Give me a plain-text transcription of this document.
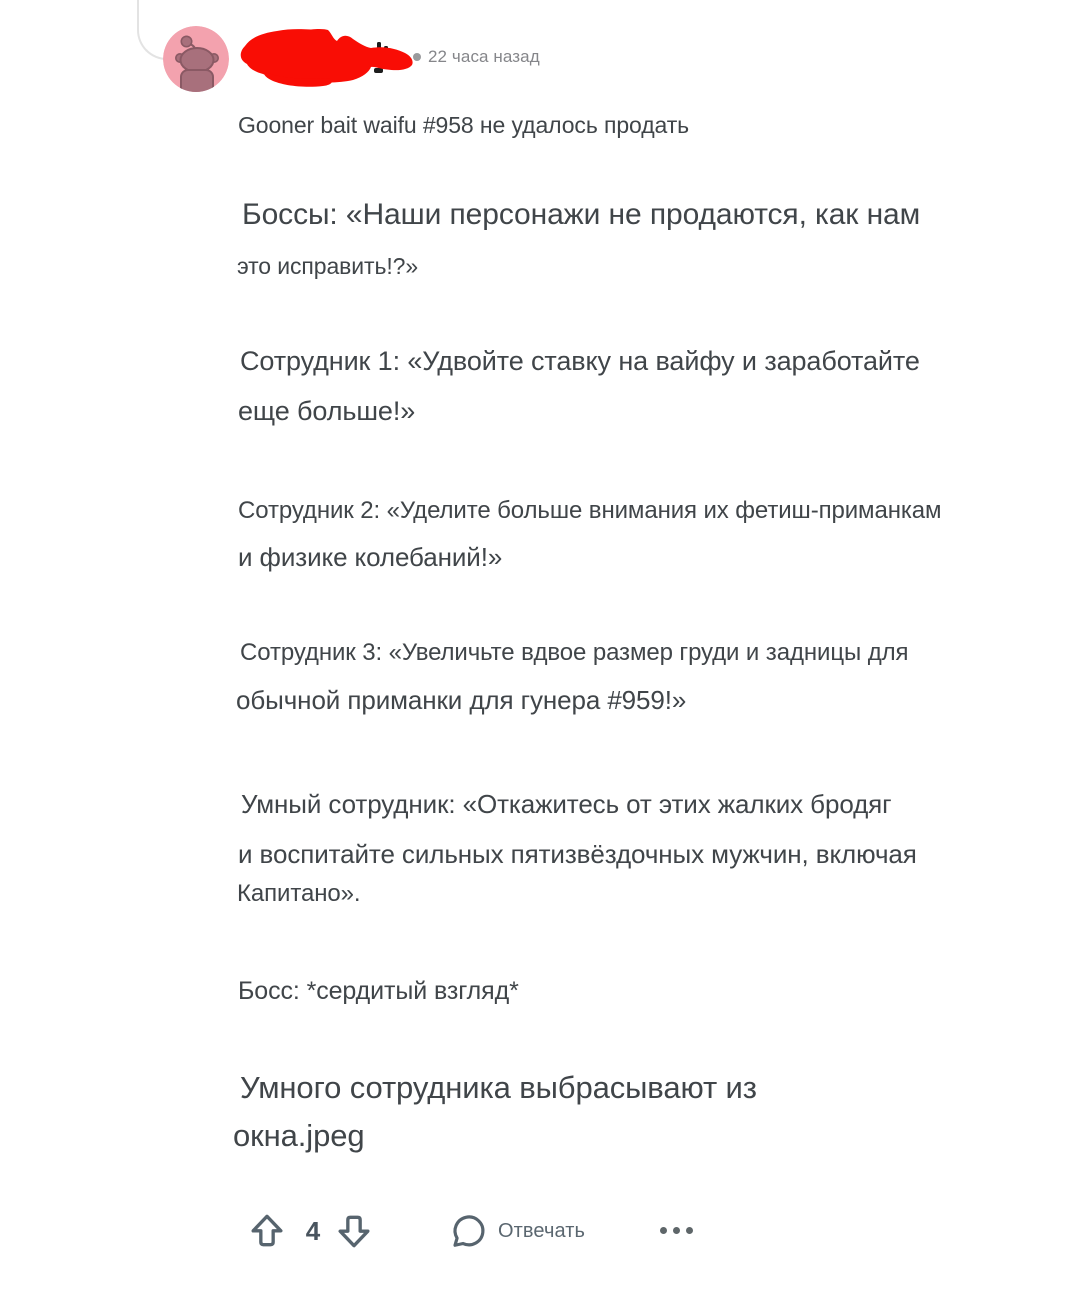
22 часа назад
Gooner bait waifu #958 не удалось продать
Боссы: «Наши персонажи не продаются, как нам
это исправить!?»
Сотрудник 1: «Удвойте ставку на вайфу и заработайте
еще больше!»
Сотрудник 2: «Уделите больше внимания их фетиш-приманкам
и физике колебаний!»
Сотрудник 3: «Увеличьте вдвое размер груди и задницы для
обычной приманки для гунера #959!»
Умный сотрудник: «Откажитесь от этих жалких бродяг
и воспитайте сильных пятизвёздочных мужчин, включая
Капитано».
Босс: *сердитый взгляд*
Умного сотрудника выбрасывают из
окна.jpeg
4	Отвечать
